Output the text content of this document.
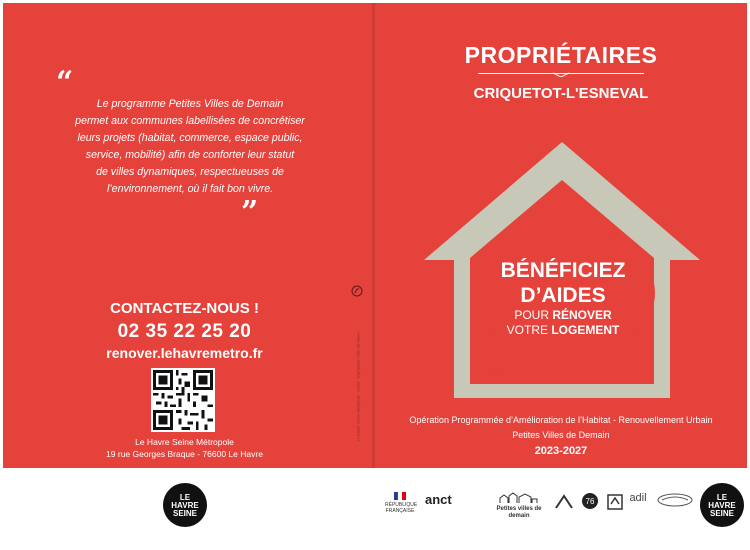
“
Le programme Petites Villes de Demain
permet aux communes labellisées de concrétiser
leurs projets (habitat, commerce, espace public,
service, mobilité) afin de conforter leur statut
de villes dynamiques, respectueuses de
l’environnement, où il fait bon vivre.
”
CONTACTEZ-NOUS !
02 35 22 25 20
renover.lehavremetro.fr
Le Havre Seine Métropole
19 rue Georges Braque - 76600 Le Havre
Le Havre Seine Métropole · 02/23 · Impression Ville du Havre
PROPRIÉTAIRES
CRIQUETOT-L'ESNEVAL
BÉNÉFICIEZ
D’AIDES
POUR RÉNOVER
VOTRE LOGEMENT
Opération Programmée d’Amélioration de l’Habitat - Renouvellement Urbain
Petites Villes de Demain
2023-2027
LE
HAVRE
SEINE
RÉPUBLIQUE FRANÇAISE
anct
Petites villes de demain
76	adil	LE
HAVRE
SEINE
